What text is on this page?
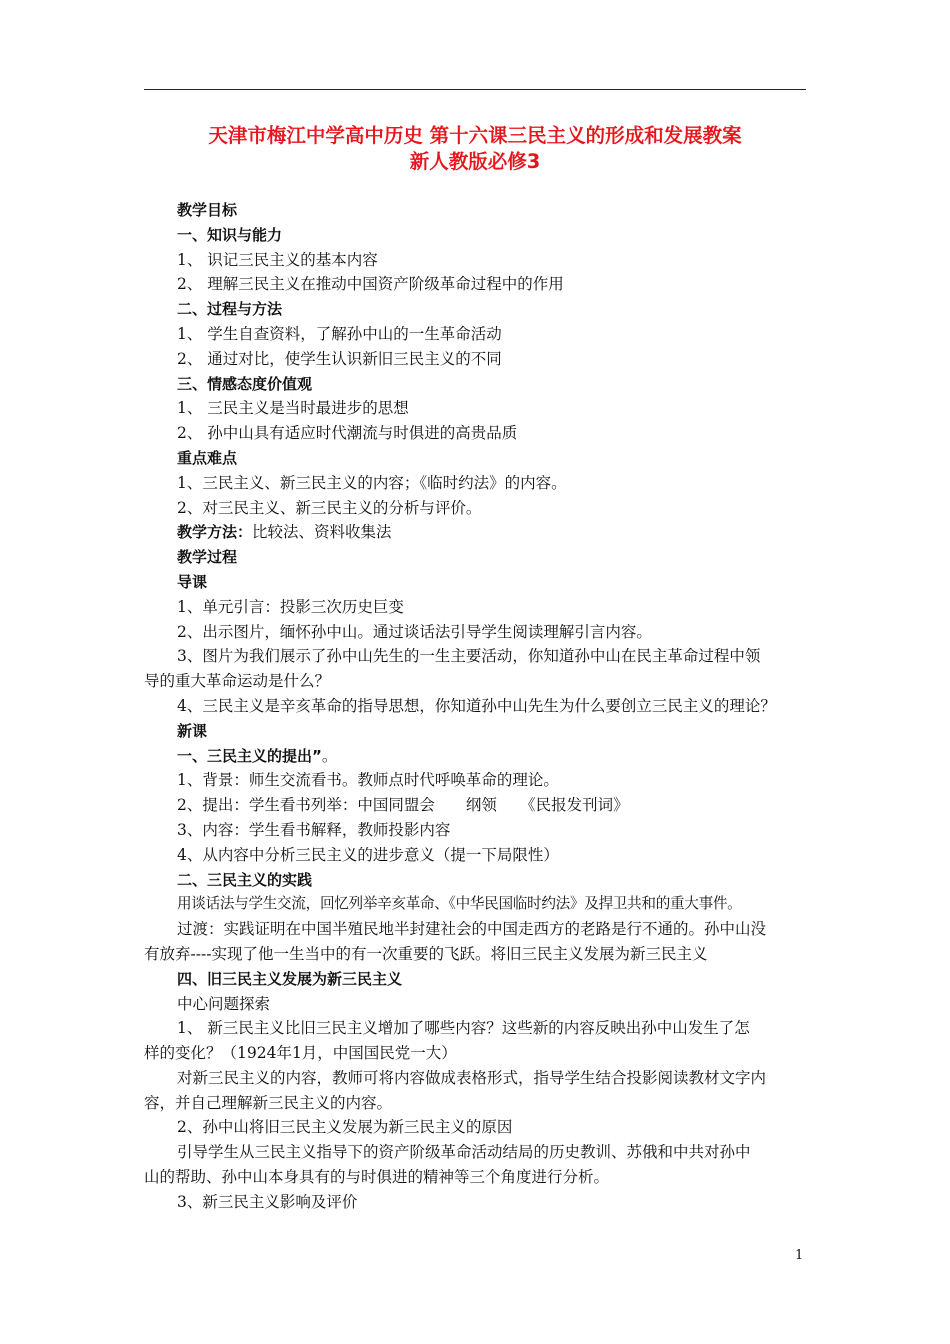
天津市梅江中学高中历史 第十六课三民主义的形成和发展教案
新人教版必修3
教学目标
一、知识与能力
1、 识记三民主义的基本内容
2、 理解三民主义在推动中国资产阶级革命过程中的作用
二、过程与方法
1、 学生自查资料，了解孙中山的一生革命活动
2、 通过对比，使学生认识新旧三民主义的不同
三、情感态度价值观
1、 三民主义是当时最进步的思想
2、 孙中山具有适应时代潮流与时俱进的高贵品质
重点难点
1、三民主义、新三民主义的内容；《临时约法》的内容。
2、对三民主义、新三民主义的分析与评价。
教学方法：比较法、资料收集法
教学过程
导课
1、单元引言：投影三次历史巨变
2、出示图片，缅怀孙中山。通过谈话法引导学生阅读理解引言内容。
3、图片为我们展示了孙中山先生的一生主要活动，你知道孙中山在民主革命过程中领
导的重大革命运动是什么？
4、三民主义是辛亥革命的指导思想，你知道孙中山先生为什么要创立三民主义的理论？
新课
一、三民主义的提出”。
1、背景：师生交流看书。教师点时代呼唤革命的理论。
2、提出：学生看书列举：中国同盟会　　纲领　　《民报发刊词》
3、内容：学生看书解释，教师投影内容
4、从内容中分析三民主义的进步意义（提一下局限性）
二、三民主义的实践
用谈话法与学生交流，回忆列举辛亥革命、《中华民国临时约法》及捍卫共和的重大事件。
过渡：实践证明在中国半殖民地半封建社会的中国走西方的老路是行不通的。孙中山没
有放弃----实现了他一生当中的有一次重要的飞跃。将旧三民主义发展为新三民主义
四、旧三民主义发展为新三民主义
中心问题探索
1、 新三民主义比旧三民主义增加了哪些内容？这些新的内容反映出孙中山发生了怎
样的变化？（1924年1月，中国国民党一大）
对新三民主义的内容，教师可将内容做成表格形式，指导学生结合投影阅读教材文字内
容，并自己理解新三民主义的内容。
2、孙中山将旧三民主义发展为新三民主义的原因
引导学生从三民主义指导下的资产阶级革命活动结局的历史教训、苏俄和中共对孙中
山的帮助、孙中山本身具有的与时俱进的精神等三个角度进行分析。
3、新三民主义影响及评价
1
